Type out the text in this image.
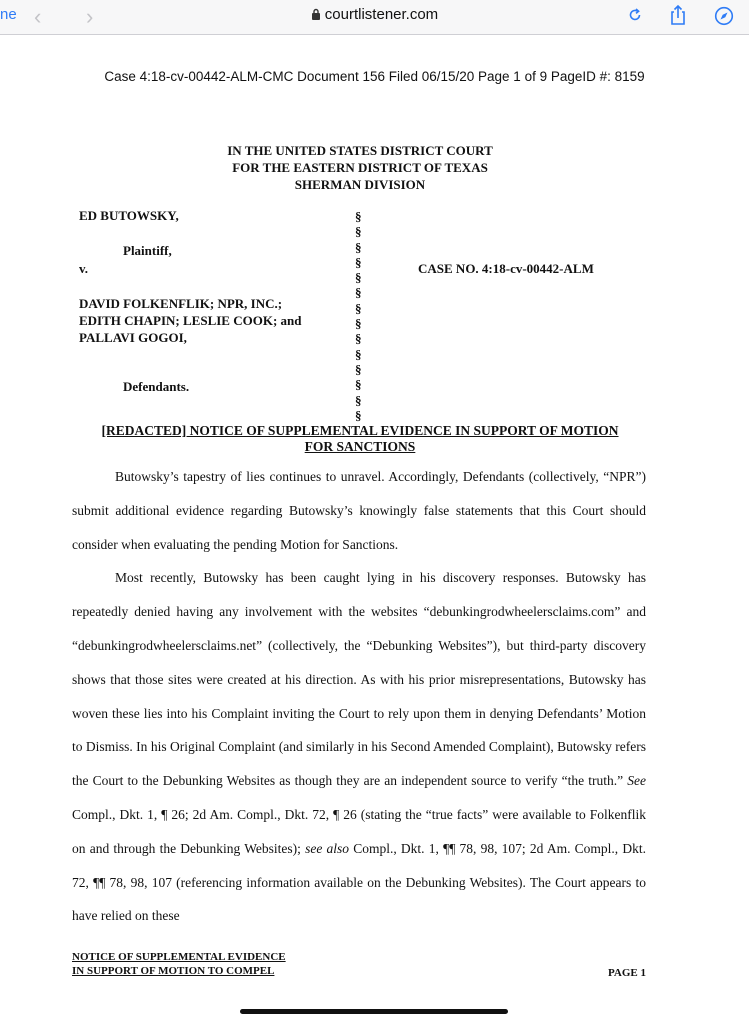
ne ‹ ›	courtlistener.com
Case 4:18-cv-00442-ALM-CMC Document 156 Filed 06/15/20 Page 1 of 9 PageID #: 8159
IN THE UNITED STATES DISTRICT COURT
FOR THE EASTERN DISTRICT OF TEXAS
SHERMAN DIVISION
ED BUTOWSKY,
Plaintiff,
v.	CASE NO. 4:18-cv-00442-ALM
DAVID FOLKENFLIK; NPR, INC.;
EDITH CHAPIN; LESLIE COOK; and
PALLAVI GOGOI,
Defendants.
§
§
§
§
§
§
§
§
§
§
§
§
§
§
[REDACTED] NOTICE OF SUPPLEMENTAL EVIDENCE IN SUPPORT OF MOTION
FOR SANCTIONS

Butowsky’s tapestry of lies continues to unravel. Accordingly, Defendants (collectively, “NPR”) submit additional evidence regarding Butowsky’s knowingly false statements that this Court should consider when evaluating the pending Motion for Sanctions.

Most recently, Butowsky has been caught lying in his discovery responses. Butowsky has repeatedly denied having any involvement with the websites “debunkingrodwheelersclaims.com” and “debunkingrodwheelersclaims.net” (collectively, the “Debunking Websites”), but third-party discovery shows that those sites were created at his direction. As with his prior misrepresentations, Butowsky has woven these lies into his Complaint inviting the Court to rely upon them in denying Defendants’ Motion to Dismiss. In his Original Complaint (and similarly in his Second Amended Complaint), Butowsky refers the Court to the Debunking Websites as though they are an independent source to verify “the truth.” See Compl., Dkt. 1, ¶ 26; 2d Am. Compl., Dkt. 72, ¶ 26 (stating the “true facts” were available to Folkenflik on and through the Debunking Websites); see also Compl., Dkt. 1, ¶¶ 78, 98, 107; 2d Am. Compl., Dkt. 72, ¶¶ 78, 98, 107 (referencing information available on the Debunking Websites). The Court appears to have relied on these

NOTICE OF SUPPLEMENTAL EVIDENCE
IN SUPPORT OF MOTION TO COMPEL	PAGE 1
